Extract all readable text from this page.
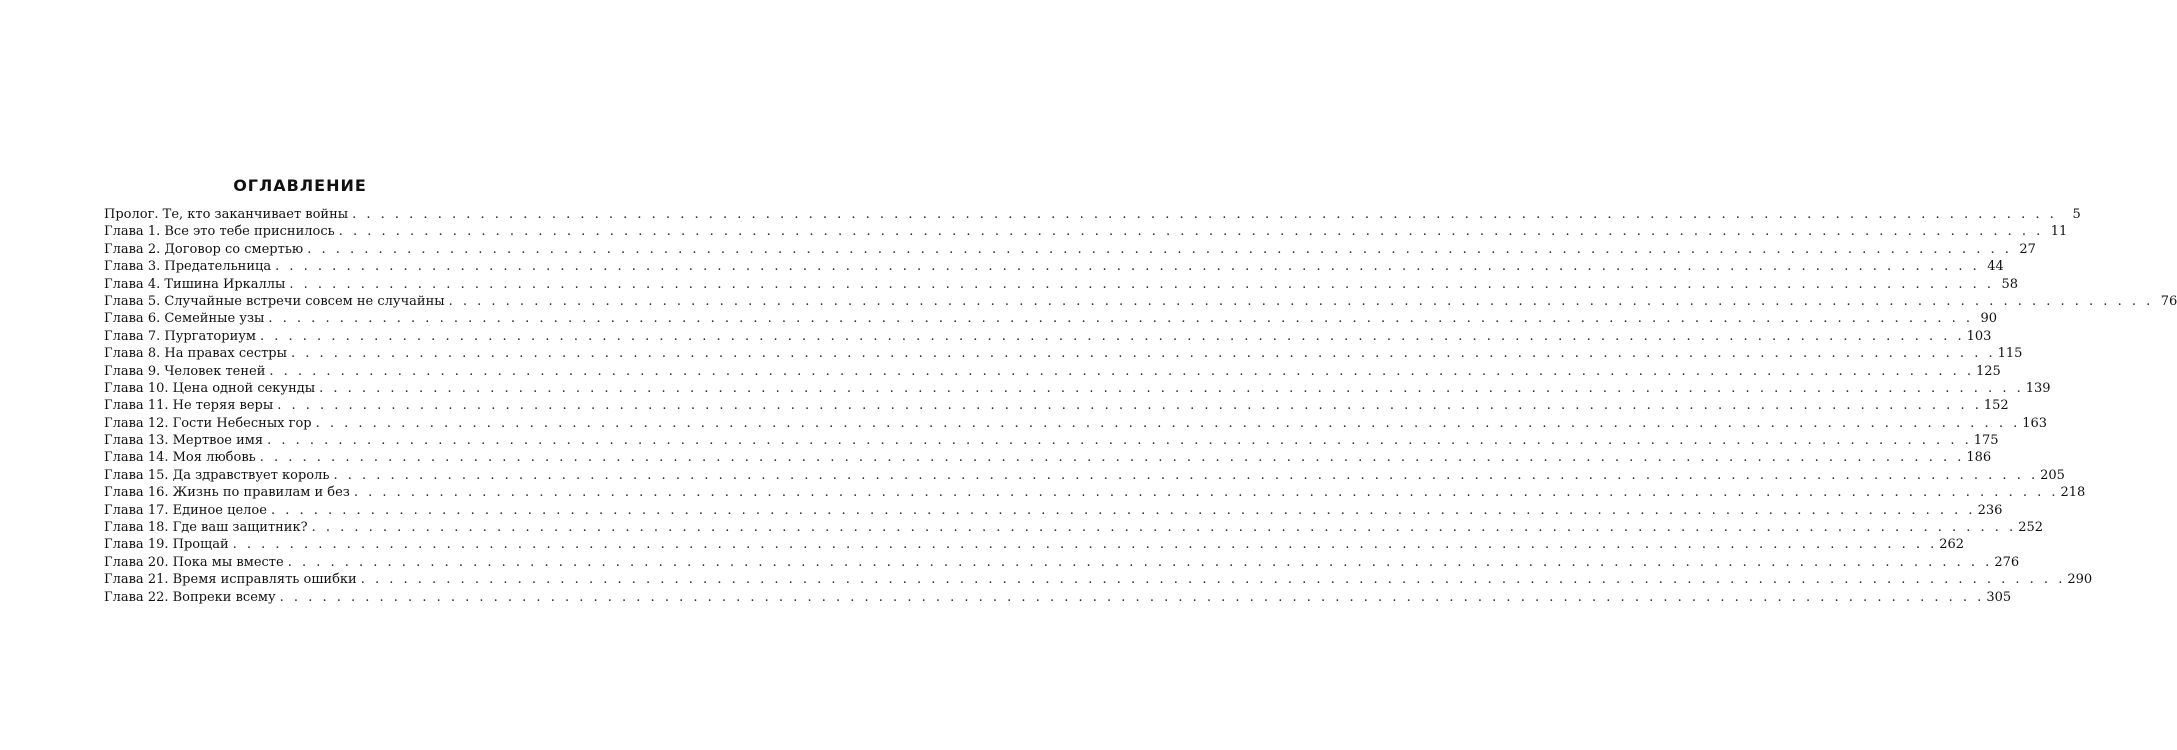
ОГЛАВЛЕНИЕ
Пролог. Те, кто заканчивает войны . . . . . . . . . . . . . . . . . . . . . . . . . . . . . . . . . . . . . . . . . . . . . . . . . . . . . . . . . . . . . . . . . . . . . . . . . . . . . . . . . . . . . . . . . . . . . . . . . . . . . . . . . . . . . . . . . . . . . . . .	5
Глава 1. Все это тебе приснилось . . . . . . . . . . . . . . . . . . . . . . . . . . . . . . . . . . . . . . . . . . . . . . . . . . . . . . . . . . . . . . . . . . . . . . . . . . . . . . . . . . . . . . . . . . . . . . . . . . . . . . . . . . . . . . . . . . . . . . . . 11
Глава 2. Договор со смертью . . . . . . . . . . . . . . . . . . . . . . . . . . . . . . . . . . . . . . . . . . . . . . . . . . . . . . . . . . . . . . . . . . . . . . . . . . . . . . . . . . . . . . . . . . . . . . . . . . . . . . . . . . . . . . . . . . . . . . . . 27
Глава 3. Предательница . . . . . . . . . . . . . . . . . . . . . . . . . . . . . . . . . . . . . . . . . . . . . . . . . . . . . . . . . . . . . . . . . . . . . . . . . . . . . . . . . . . . . . . . . . . . . . . . . . . . . . . . . . . . . . . . . . . . . . . . 44
Глава 4. Тишина Иркаллы . . . . . . . . . . . . . . . . . . . . . . . . . . . . . . . . . . . . . . . . . . . . . . . . . . . . . . . . . . . . . . . . . . . . . . . . . . . . . . . . . . . . . . . . . . . . . . . . . . . . . . . . . . . . . . . . . . . . . . . . 58
Глава 5. Случайные встречи совсем не случайны . . . . . . . . . . . . . . . . . . . . . . . . . . . . . . . . . . . . . . . . . . . . . . . . . . . . . . . . . . . . . . . . . . . . . . . . . . . . . . . . . . . . . . . . . . . . . . . . . . . . . . . . . . . . . . . . . . . . . . . . 76
Глава 6. Семейные узы . . . . . . . . . . . . . . . . . . . . . . . . . . . . . . . . . . . . . . . . . . . . . . . . . . . . . . . . . . . . . . . . . . . . . . . . . . . . . . . . . . . . . . . . . . . . . . . . . . . . . . . . . . . . . . . . . . . . . . . . 90
Глава 7. Пургаториум . . . . . . . . . . . . . . . . . . . . . . . . . . . . . . . . . . . . . . . . . . . . . . . . . . . . . . . . . . . . . . . . . . . . . . . . . . . . . . . . . . . . . . . . . . . . . . . . . . . . . . . . . . . . . . . . . . . . . . . . 103
Глава 8. На правах сестры . . . . . . . . . . . . . . . . . . . . . . . . . . . . . . . . . . . . . . . . . . . . . . . . . . . . . . . . . . . . . . . . . . . . . . . . . . . . . . . . . . . . . . . . . . . . . . . . . . . . . . . . . . . . . . . . . . . . . . . . 115
Глава 9. Человек теней . . . . . . . . . . . . . . . . . . . . . . . . . . . . . . . . . . . . . . . . . . . . . . . . . . . . . . . . . . . . . . . . . . . . . . . . . . . . . . . . . . . . . . . . . . . . . . . . . . . . . . . . . . . . . . . . . . . . . . . . 125
Глава 10. Цена одной секунды . . . . . . . . . . . . . . . . . . . . . . . . . . . . . . . . . . . . . . . . . . . . . . . . . . . . . . . . . . . . . . . . . . . . . . . . . . . . . . . . . . . . . . . . . . . . . . . . . . . . . . . . . . . . . . . . . . . . . . . . 139
Глава 11. Не теряя веры . . . . . . . . . . . . . . . . . . . . . . . . . . . . . . . . . . . . . . . . . . . . . . . . . . . . . . . . . . . . . . . . . . . . . . . . . . . . . . . . . . . . . . . . . . . . . . . . . . . . . . . . . . . . . . . . . . . . . . . . 152
Глава 12. Гости Небесных гор . . . . . . . . . . . . . . . . . . . . . . . . . . . . . . . . . . . . . . . . . . . . . . . . . . . . . . . . . . . . . . . . . . . . . . . . . . . . . . . . . . . . . . . . . . . . . . . . . . . . . . . . . . . . . . . . . . . . . . . . 163
Глава 13. Мертвое имя . . . . . . . . . . . . . . . . . . . . . . . . . . . . . . . . . . . . . . . . . . . . . . . . . . . . . . . . . . . . . . . . . . . . . . . . . . . . . . . . . . . . . . . . . . . . . . . . . . . . . . . . . . . . . . . . . . . . . . . . 175
Глава 14. Моя любовь . . . . . . . . . . . . . . . . . . . . . . . . . . . . . . . . . . . . . . . . . . . . . . . . . . . . . . . . . . . . . . . . . . . . . . . . . . . . . . . . . . . . . . . . . . . . . . . . . . . . . . . . . . . . . . . . . . . . . . . . 186
Глава 15. Да здравствует король . . . . . . . . . . . . . . . . . . . . . . . . . . . . . . . . . . . . . . . . . . . . . . . . . . . . . . . . . . . . . . . . . . . . . . . . . . . . . . . . . . . . . . . . . . . . . . . . . . . . . . . . . . . . . . . . . . . . . . . . 205
Глава 16. Жизнь по правилам и без . . . . . . . . . . . . . . . . . . . . . . . . . . . . . . . . . . . . . . . . . . . . . . . . . . . . . . . . . . . . . . . . . . . . . . . . . . . . . . . . . . . . . . . . . . . . . . . . . . . . . . . . . . . . . . . . . . . . . . . . 218
Глава 17. Единое целое . . . . . . . . . . . . . . . . . . . . . . . . . . . . . . . . . . . . . . . . . . . . . . . . . . . . . . . . . . . . . . . . . . . . . . . . . . . . . . . . . . . . . . . . . . . . . . . . . . . . . . . . . . . . . . . . . . . . . . . . 236
Глава 18. Где ваш защитник? . . . . . . . . . . . . . . . . . . . . . . . . . . . . . . . . . . . . . . . . . . . . . . . . . . . . . . . . . . . . . . . . . . . . . . . . . . . . . . . . . . . . . . . . . . . . . . . . . . . . . . . . . . . . . . . . . . . . . . . . 252
Глава 19. Прощай . . . . . . . . . . . . . . . . . . . . . . . . . . . . . . . . . . . . . . . . . . . . . . . . . . . . . . . . . . . . . . . . . . . . . . . . . . . . . . . . . . . . . . . . . . . . . . . . . . . . . . . . . . . . . . . . . . . . . . . . 262
Глава 20. Пока мы вместе . . . . . . . . . . . . . . . . . . . . . . . . . . . . . . . . . . . . . . . . . . . . . . . . . . . . . . . . . . . . . . . . . . . . . . . . . . . . . . . . . . . . . . . . . . . . . . . . . . . . . . . . . . . . . . . . . . . . . . . . 276
Глава 21. Время исправлять ошибки . . . . . . . . . . . . . . . . . . . . . . . . . . . . . . . . . . . . . . . . . . . . . . . . . . . . . . . . . . . . . . . . . . . . . . . . . . . . . . . . . . . . . . . . . . . . . . . . . . . . . . . . . . . . . . . . . . . . . . . . 290
Глава 22. Вопреки всему . . . . . . . . . . . . . . . . . . . . . . . . . . . . . . . . . . . . . . . . . . . . . . . . . . . . . . . . . . . . . . . . . . . . . . . . . . . . . . . . . . . . . . . . . . . . . . . . . . . . . . . . . . . . . . . . . . . . . . . . 305
